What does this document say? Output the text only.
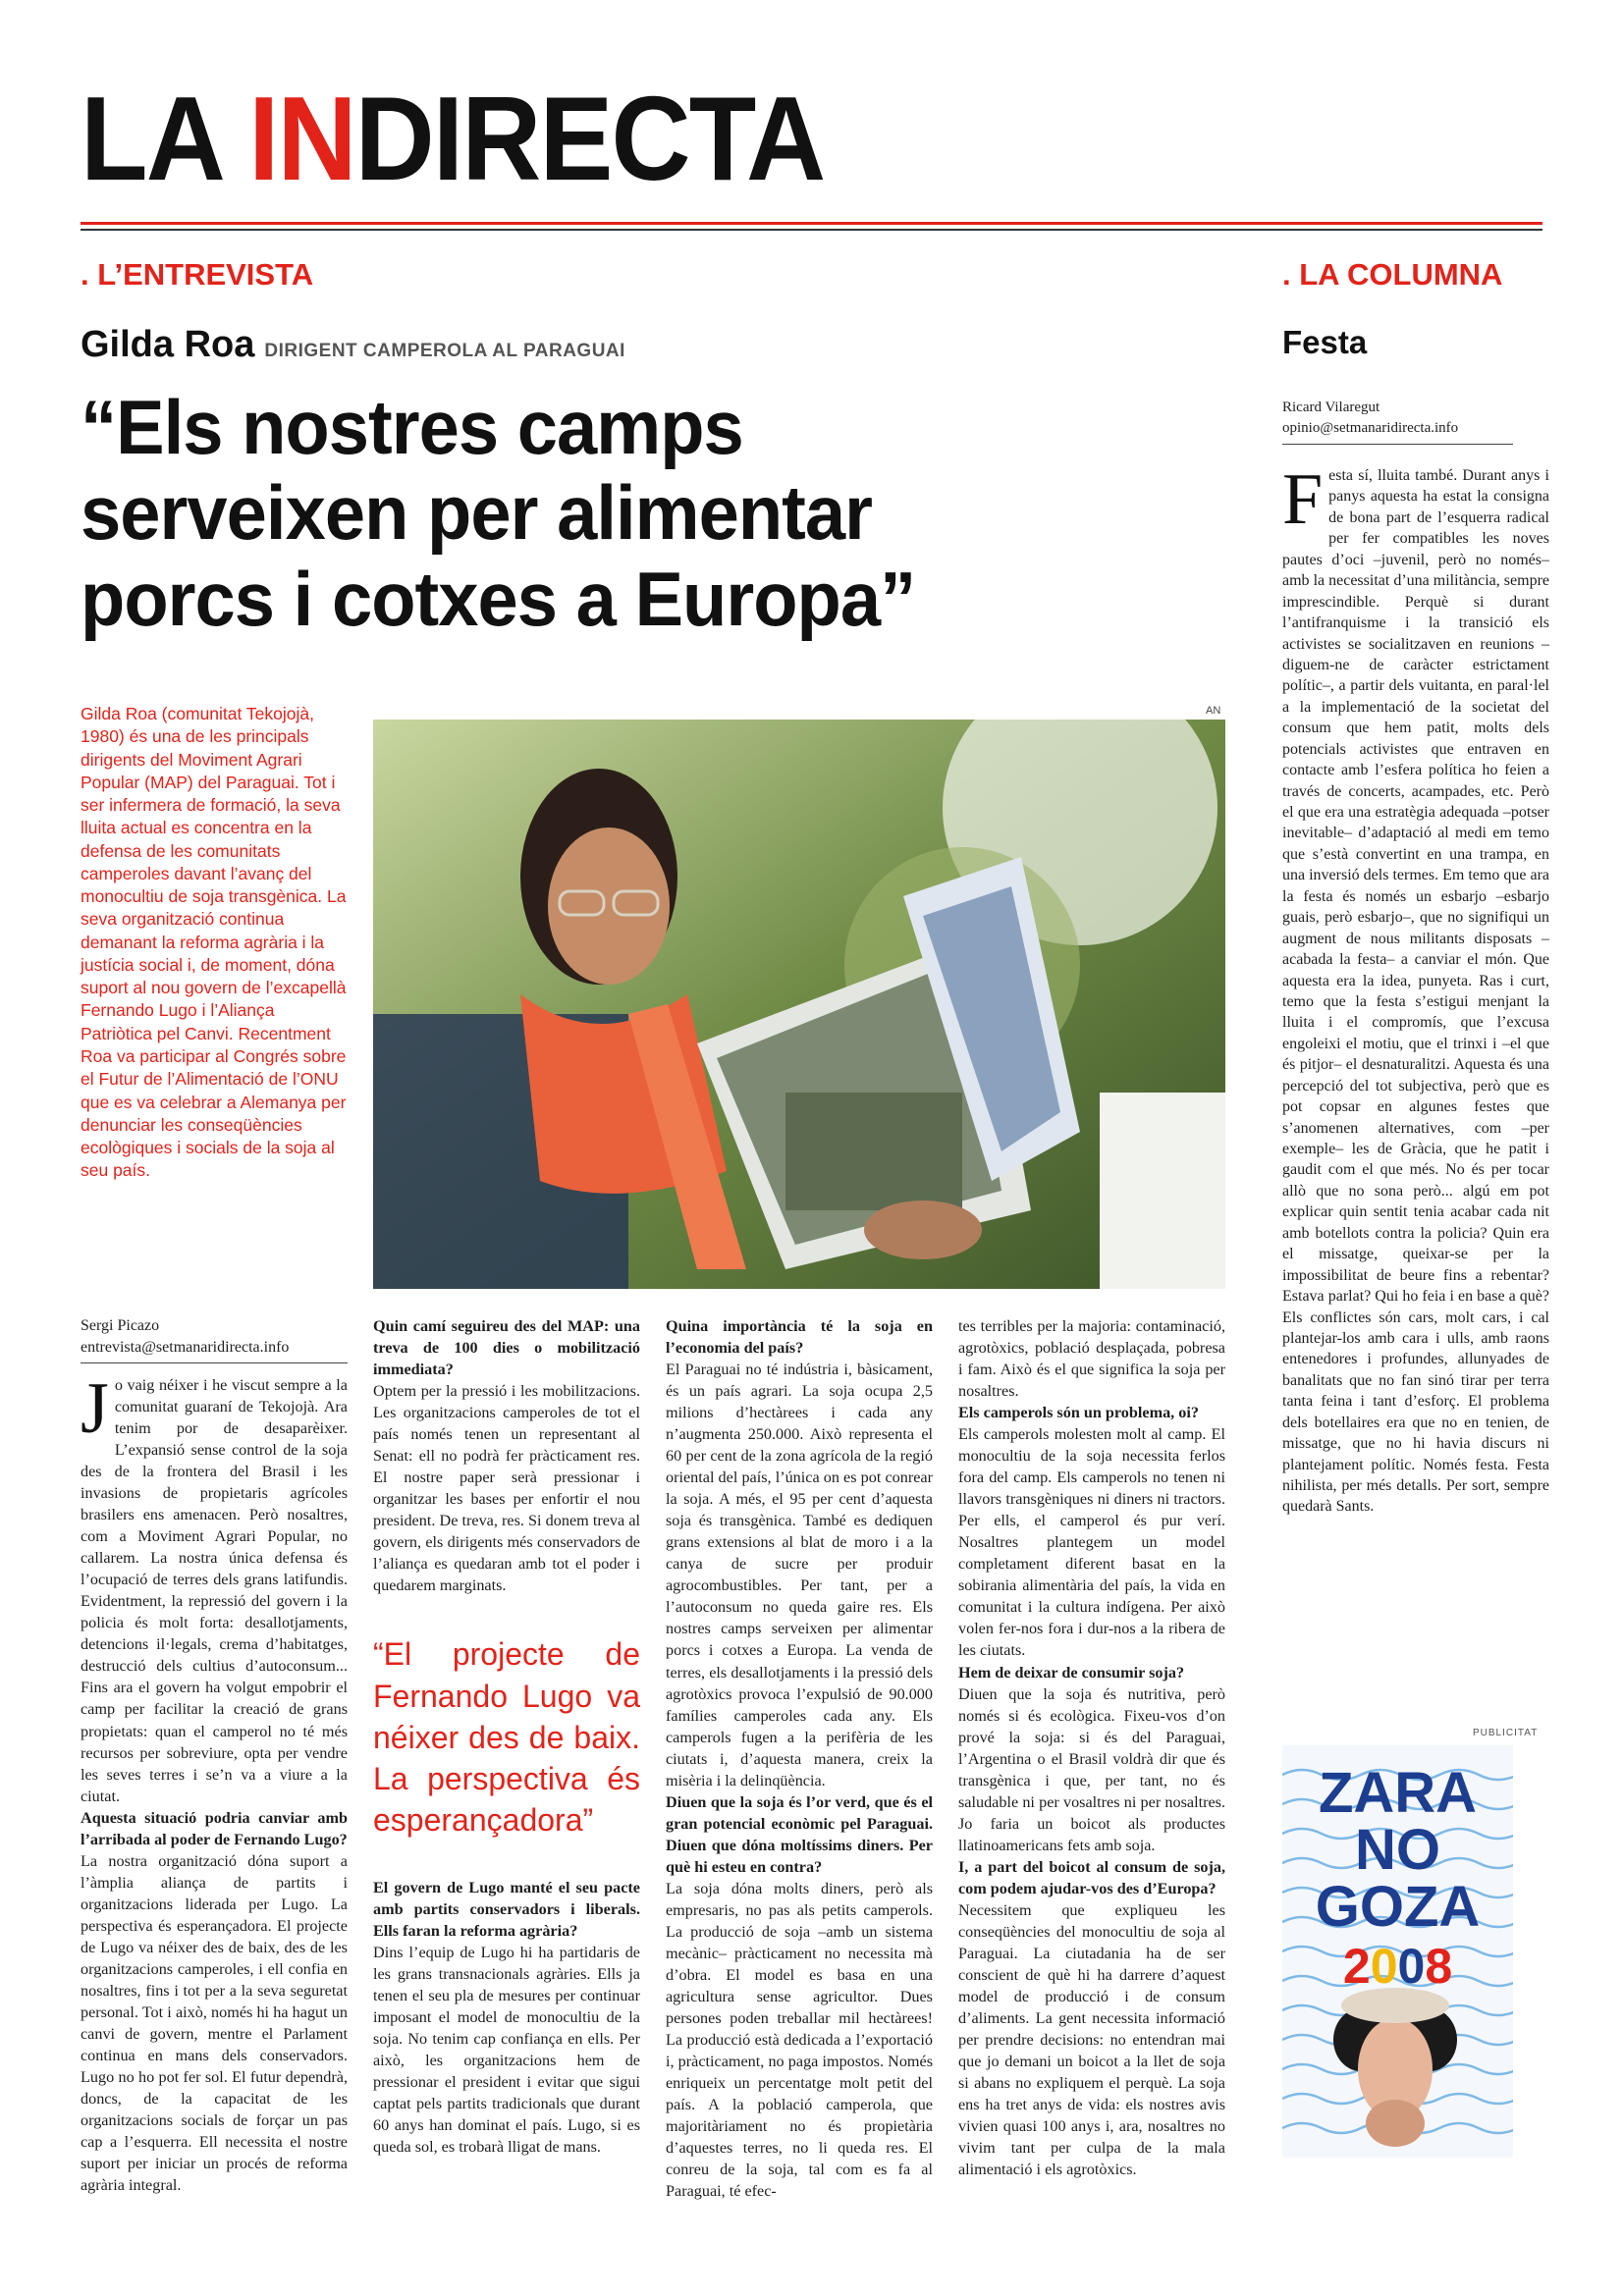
LA INDIRECTA
. L’ENTREVISTA
Gilda Roa DIRIGENT CAMPEROLA AL PARAGUAI
“Els nostres camps
serveixen per alimentar
porcs i cotxes a Europa”
Gilda Roa (comunitat Tekojojà, 1980) és una de les principals dirigents del Moviment Agrari Popular (MAP) del Paraguai. Tot i ser infermera de formació, la seva lluita actual es concentra en la defensa de les comunitats camperoles davant l’avanç del monocultiu de soja transgènica. La seva organització continua demanant la reforma agrària i la justícia social i, de moment, dóna suport al nou govern de l’excapellà Fernando Lugo i l’Aliança Patriòtica pel Canvi. Recentment Roa va participar al Congrés sobre el Futur de l’Alimentació de l’ONU que es va celebrar a Alemanya per denunciar les conseqüències ecològiques i socials de la soja al seu país.
AN
Sergi Picazo
entrevista@setmanaridirecta.info
J o vaig néixer i he viscut sempre a la comunitat guaraní de Tekojojà. Ara tenim por de desaparèixer. L’expansió sense control de la soja des de la frontera del Brasil i les invasions de propietaris agrícoles brasilers ens amenacen. Però nosaltres, com a Moviment Agrari Popular, no callarem. La nostra única defensa és l’ocupació de terres dels grans latifundis. Evidentment, la repressió del govern i la policia és molt forta: desallotjaments, detencions il·legals, crema d’habitatges, destrucció dels cultius d’autoconsum... Fins ara el govern ha volgut empobrir el camp per facilitar la creació de grans propietats: quan el camperol no té més recursos per sobreviure, opta per vendre les seves terres i se’n va a viure a la ciutat.

Aquesta situació podria canviar amb l’arribada al poder de Fernando Lugo?

La nostra organització dóna suport a l’àmplia aliança de partits i organitzacions liderada per Lugo. La perspectiva és esperançadora. El projecte de Lugo va néixer des de baix, des de les organitzacions camperoles, i ell confia en nosaltres, fins i tot per a la seva seguretat personal. Tot i això, només hi ha hagut un canvi de govern, mentre el Parlament continua en mans dels conservadors. Lugo no ho pot fer sol. El futur dependrà, doncs, de la capacitat de les organitzacions socials de forçar un pas cap a l’esquerra. Ell necessita el nostre suport per iniciar un procés de reforma agrària integral.

Quin camí seguireu des del MAP: una treva de 100 dies o mobilització immediata?

Optem per la pressió i les mobilitzacions. Les organitzacions camperoles de tot el país només tenen un representant al Senat: ell no podrà fer pràcticament res. El nostre paper serà pressionar i organitzar les bases per enfortir el nou president. De treva, res. Si donem treva al govern, els dirigents més conservadors de l’aliança es quedaran amb tot el poder i quedarem marginats.

“El projecte de Fernando Lugo va néixer des de baix. La perspectiva és esperançadora”

El govern de Lugo manté el seu pacte amb partits conservadors i liberals. Ells faran la reforma agrària?

Dins l’equip de Lugo hi ha partidaris de les grans transnacionals agràries. Ells ja tenen el seu pla de mesures per continuar imposant el model de monocultiu de la soja. No tenim cap confiança en ells. Per això, les organitzacions hem de pressionar el president i evitar que sigui captat pels partits tradicionals que durant 60 anys han dominat el país. Lugo, si es queda sol, es trobarà lligat de mans.

Quina importància té la soja en l’economia del país?

El Paraguai no té indústria i, bàsicament, és un país agrari. La soja ocupa 2,5 milions d’hectàrees i cada any n’augmenta 250.000. Això representa el 60 per cent de la zona agrícola de la regió oriental del país, l’única on es pot conrear la soja. A més, el 95 per cent d’aquesta soja és transgènica. També es dediquen grans extensions al blat de moro i a la canya de sucre per produir agrocombustibles. Per tant, per a l’autoconsum no queda gaire res. Els nostres camps serveixen per alimentar porcs i cotxes a Europa. La venda de terres, els desallotjaments i la pressió dels agrotòxics provoca l’expulsió de 90.000 famílies camperoles cada any. Els camperols fugen a la perifèria de les ciutats i, d’aquesta manera, creix la misèria i la delinqüència.

Diuen que la soja és l’or verd, que és el gran potencial econòmic pel Paraguai. Diuen que dóna moltíssims diners. Per què hi esteu en contra?

La soja dóna molts diners, però als empresaris, no pas als petits camperols. La producció de soja –amb un sistema mecànic– pràcticament no necessita mà d’obra. El model es basa en una agricultura sense agricultor. Dues persones poden treballar mil hectàrees! La producció està dedicada a l’exportació i, pràcticament, no paga impostos. Només enriqueix un percentatge molt petit del país. A la població camperola, que majoritàriament no és propietària d’aquestes terres, no li queda res. El conreu de la soja, tal com es fa al Paraguai, té efec-

tes terribles per la majoria: contaminació, agrotòxics, població desplaçada, pobresa i fam. Això és el que significa la soja per nosaltres.

Els camperols són un problema, oi?

Els camperols molesten molt al camp. El monocultiu de la soja necessita ferlos fora del camp. Els camperols no tenen ni llavors transgèniques ni diners ni tractors. Per ells, el camperol és pur verí. Nosaltres plantegem un model completament diferent basat en la sobirania alimentària del país, la vida en comunitat i la cultura indígena. Per això volen fer-nos fora i dur-nos a la ribera de les ciutats.

Hem de deixar de consumir soja?

Diuen que la soja és nutritiva, però només si és ecològica. Fixeu-vos d’on prové la soja: si és del Paraguai, l’Argentina o el Brasil voldrà dir que és transgènica i que, per tant, no és saludable ni per vosaltres ni per nosaltres. Jo faria un boicot als productes llatinoamericans fets amb soja.

I, a part del boicot al consum de soja, com podem ajudar-vos des d’Europa?

Necessitem que expliqueu les conseqüències del monocultiu de soja al Paraguai. La ciutadania ha de ser conscient de què hi ha darrere d’aquest model de producció i de consum d’aliments. La gent necessita informació per prendre decisions: no entendran mai que jo demani un boicot a la llet de soja si abans no expliquem el perquè. La soja ens ha tret anys de vida: els nostres avis vivien quasi 100 anys i, ara, nosaltres no vivim tant per culpa de la mala alimentació i els agrotòxics.

. LA COLUMNA
Festa
Ricard Vilaregut
opinio@setmanaridirecta.info
F esta sí, lluita també. Durant anys i panys aquesta ha estat la consigna de bona part de l’esquerra radical per fer compatibles les noves pautes d’oci –juvenil, però no només– amb la necessitat d’una militància, sempre imprescindible. Perquè si durant l’antifranquisme i la transició els activistes se socialitzaven en reunions –diguem-ne de caràcter estrictament polític–, a partir dels vuitanta, en paral·lel a la implementació de la societat del consum que hem patit, molts dels potencials activistes que entraven en contacte amb l’esfera política ho feien a través de concerts, acampades, etc. Però el que era una estratègia adequada –potser inevitable– d’adaptació al medi em temo que s’està convertint en una trampa, en una inversió dels termes. Em temo que ara la festa és només un esbarjo –esbarjo guais, però esbarjo–, que no signifiqui un augment de nous militants disposats –acabada la festa– a canviar el món. Que aquesta era la idea, punyeta. Ras i curt, temo que la festa s’estigui menjant la lluita i el compromís, que l’excusa engoleixi el motiu, que el trinxi i –el que és pitjor– el desnaturalitzi. Aquesta és una percepció del tot subjectiva, però que es pot copsar en algunes festes que s’anomenen alternatives, com –per exemple– les de Gràcia, que he patit i gaudit com el que més. No és per tocar allò que no sona però... algú em pot explicar quin sentit tenia acabar cada nit amb botellots contra la policia? Quin era el missatge, queixar-se per la impossibilitat de beure fins a rebentar? Estava parlat? Qui ho feia i en base a què? Els conflictes són cars, molt cars, i cal plantejar-los amb cara i ulls, amb raons entenedores i profundes, allunyades de banalitats que no fan sinó tirar per terra tanta feina i tant d’esforç. El problema dels botellaires era que no en tenien, de missatge, que no hi havia discurs ni plantejament polític. Només festa. Festa nihilista, per més detalls. Per sort, sempre quedarà Sants.

PUBLICITAT
ZARA
NO
GOZA
2008
